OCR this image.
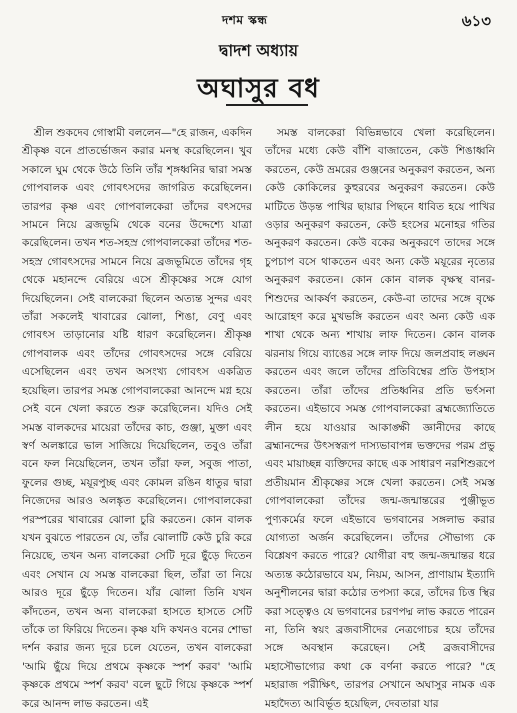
দশম স্কন্ধ	৬১৩
দ্বাদশ অধ্যায়
অঘাসুর বধ

শ্রীল শুকদেব গোস্বামী বললেন—"হে রাজন, একদিন শ্রীকৃষ্ণ বনে প্রাতর্ভোজন করার মনস্থ করেছিলেন। খুব সকালে ঘুম থেকে উঠে তিনি তাঁর শৃঙ্গধ্বনির দ্বারা সমস্ত গোপবালক এবং গোবৎসদের জাগরিত করেছিলেন। তারপর কৃষ্ণ এবং গোপবালকেরা তাঁদের বৎসদের সামনে নিয়ে ব্রজভূমি থেকে বনের উদ্দেশ্যে যাত্রা করেছিলেন। তখন শত-সহস্র গোপবালকেরা তাঁদের শত-সহস্র গোবৎসদের সামনে নিয়ে ব্রজভূমিতে তাঁদের গৃহ থেকে মহানন্দে বেরিয়ে এসে শ্রীকৃষ্ণের সঙ্গে যোগ দিয়েছিলেন। সেই বালকেরা ছিলেন অত্যন্ত সুন্দর এবং তাঁরা সকলেই খাবারের ঝোলা, শিঙা, বেণু এবং গোবৎস তাড়ানোর যষ্টি ধারণ করেছিলেন। শ্রীকৃষ্ণ গোপবালক এবং তাঁদের গোবৎসদের সঙ্গে বেরিয়ে এসেছিলেন এবং তখন অসংখ্য গোবৎস একত্রিত হয়েছিল। তারপর সমস্ত গোপবালকেরা আনন্দে মগ্ন হয়ে সেই বনে খেলা করতে শুরু করেছিলেন। যদিও সেই সমস্ত বালকদের মায়েরা তাঁদের কাচ, গুঞ্জা, মুক্তা এবং স্বর্ণ অলঙ্কারে ভাল সাজিয়ে দিয়েছিলেন, তবুও তাঁরা বনে ফল নিয়েছিলেন, তখন তাঁরা ফল, সবুজ পাতা, ফুলের গুচ্ছ, ময়ূরপুচ্ছ এবং কোমল রঙিন ধাতুর দ্বারা নিজেদের আরও অলঙ্কৃত করেছিলেন। গোপবালকেরা পরস্পরের খাবারের ঝোলা চুরি করতেন। কোন বালক যখন বুঝতে পারতেন যে, তাঁর ঝোলাটি কেউ চুরি করে নিয়েছে, তখন অন্য বালকেরা সেটি দূরে ছুঁড়ে দিতেন এবং সেখান যে সমস্ত বালকেরা ছিল, তাঁরা তা নিয়ে আরও দূরে ছুঁড়ে দিতেন। যাঁর ঝোলা তিনি যখন কাঁদতেন, তখন অন্য বালকেরা হাসতে হাসতে সেটি তাঁকে তা ফিরিয়ে দিতেন। কৃষ্ণ যদি কখনও বনের শোভা দর্শন করার জন্য দূরে চলে যেতেন, তখন বালকেরা 'আমি ছুঁয়ে দিয়ে প্রথমে কৃষ্ণকে স্পর্শ করব' 'আমি কৃষ্ণকে প্রথমে স্পর্শ করব' বলে ছুটে গিয়ে কৃষ্ণকে স্পর্শ করে আনন্দ লাভ করতেন। এই

সমস্ত বালকেরা বিভিন্নভাবে খেলা করেছিলেন। তাঁদের মধ্যে কেউ বাঁশি বাজাতেন, কেউ শিঙাধ্বনি করতেন, কেউ ভ্রমরের গুঞ্জনের অনুকরণ করতেন, অন্য কেউ কোকিলের কুহুরবের অনুকরণ করতেন। কেউ মাটিতে উড়ন্ত পাখির ছায়ার পিছনে ধাবিত হয়ে পাখির ওড়ার অনুকরণ করতেন, কেউ হংসের মনোহর গতির অনুকরণ করতেন। কেউ বকের অনুকরণে তাদের সঙ্গে চুপচাপ বসে থাকতেন এবং অন্য কেউ ময়ূরের নৃত্যের অনুকরণ করতেন। কোন কোন বালক বৃক্ষস্থ বানর-শিশুদের আকর্ষণ করতেন, কেউ-বা তাদের সঙ্গে বৃক্ষে আরোহণ করে মুখভঙ্গি করতেন এবং অন্য কেউ এক শাখা থেকে অন্য শাখায় লাফ দিতেন। কোন বালক ঝরনায় গিয়ে ব্যাঙের সঙ্গে লাফ দিয়ে জলপ্রবাহ লঙ্ঘন করতেন এবং জলে তাঁদের প্রতিবিম্বের প্রতি উপহাস করতেন। তাঁরা তাঁদের প্রতিধ্বনির প্রতি ভর্ৎসনা করতেন। এইভাবে সমস্ত গোপবালকেরা ব্রহ্মজ্যোতিতে লীন হয়ে যাওয়ার আকাঙ্ক্ষী জ্ঞানীদের কাছে ব্রহ্মানন্দের উৎসস্বরূপ দাস্যভাবাপন্ন ভক্তদের পরম প্রভু এবং মায়াচ্ছন্ন ব্যক্তিদের কাছে এক সাধারণ নরশিশুরূপে প্রতীয়মান শ্রীকৃষ্ণের সঙ্গে খেলা করতেন। সেই সমস্ত গোপবালকেরা তাঁদের জন্ম-জন্মান্তরের পুঞ্জীভূত পুণ্যকর্মের ফলে এইভাবে ভগবানের সঙ্গলাভ করার যোগ্যতা অর্জন করেছিলেন। তাঁদের সৌভাগ্য কে বিশ্লেষণ করতে পারে? যোগীরা বহু জন্ম-জন্মান্তর ধরে অত্যন্ত কঠোরভাবে যম, নিয়ম, আসন, প্রাণায়াম ইত্যাদি অনুশীলনের দ্বারা কঠোর তপস্যা করে, তাঁদের চিত্ত স্থির করা সত্ত্বেও যে ভগবানের চরণপদ্ম লাভ করতে পারেন না, তিনি স্বয়ং ব্রজবাসীদের নেত্রগোচর হয়ে তাঁদের সঙ্গে অবস্থান করেছেন। সেই ব্রজবাসীদের মহাসৌভাগ্যের কথা কে বর্ণনা করতে পারে? "হে মহারাজ পরীক্ষিৎ, তারপর সেখানে অঘাসুর নামক এক মহাদৈত্য আবির্ভূত হয়েছিল, দেবতারা যার
